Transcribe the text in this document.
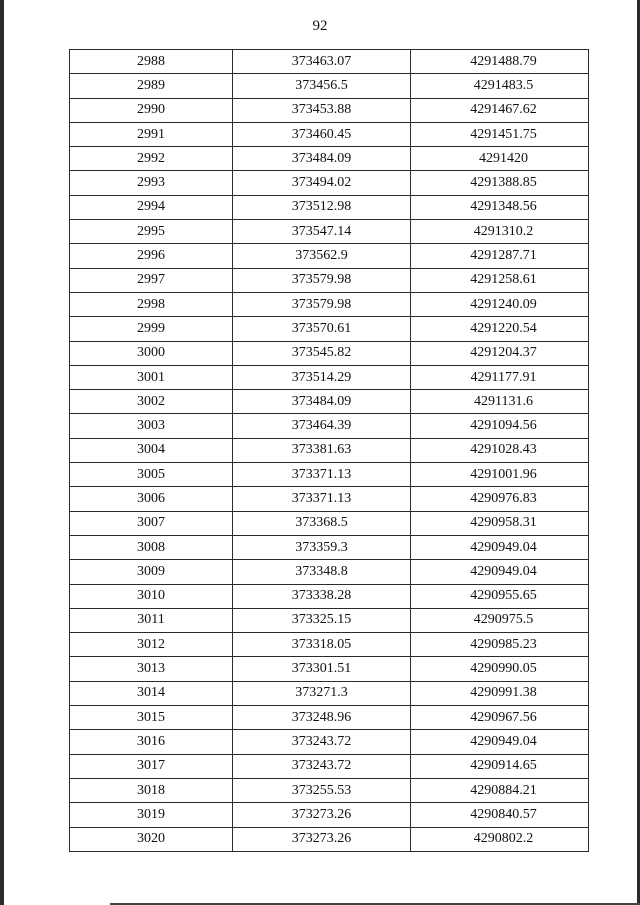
92
2988	373463.07	4291488.79
2989	373456.5	4291483.5
2990	373453.88	4291467.62
2991	373460.45	4291451.75
2992	373484.09	4291420
2993	373494.02	4291388.85
2994	373512.98	4291348.56
2995	373547.14	4291310.2
2996	373562.9	4291287.71
2997	373579.98	4291258.61
2998	373579.98	4291240.09
2999	373570.61	4291220.54
3000	373545.82	4291204.37
3001	373514.29	4291177.91
3002	373484.09	4291131.6
3003	373464.39	4291094.56
3004	373381.63	4291028.43
3005	373371.13	4291001.96
3006	373371.13	4290976.83
3007	373368.5	4290958.31
3008	373359.3	4290949.04
3009	373348.8	4290949.04
3010	373338.28	4290955.65
3011	373325.15	4290975.5
3012	373318.05	4290985.23
3013	373301.51	4290990.05
3014	373271.3	4290991.38
3015	373248.96	4290967.56
3016	373243.72	4290949.04
3017	373243.72	4290914.65
3018	373255.53	4290884.21
3019	373273.26	4290840.57
3020	373273.26	4290802.2
